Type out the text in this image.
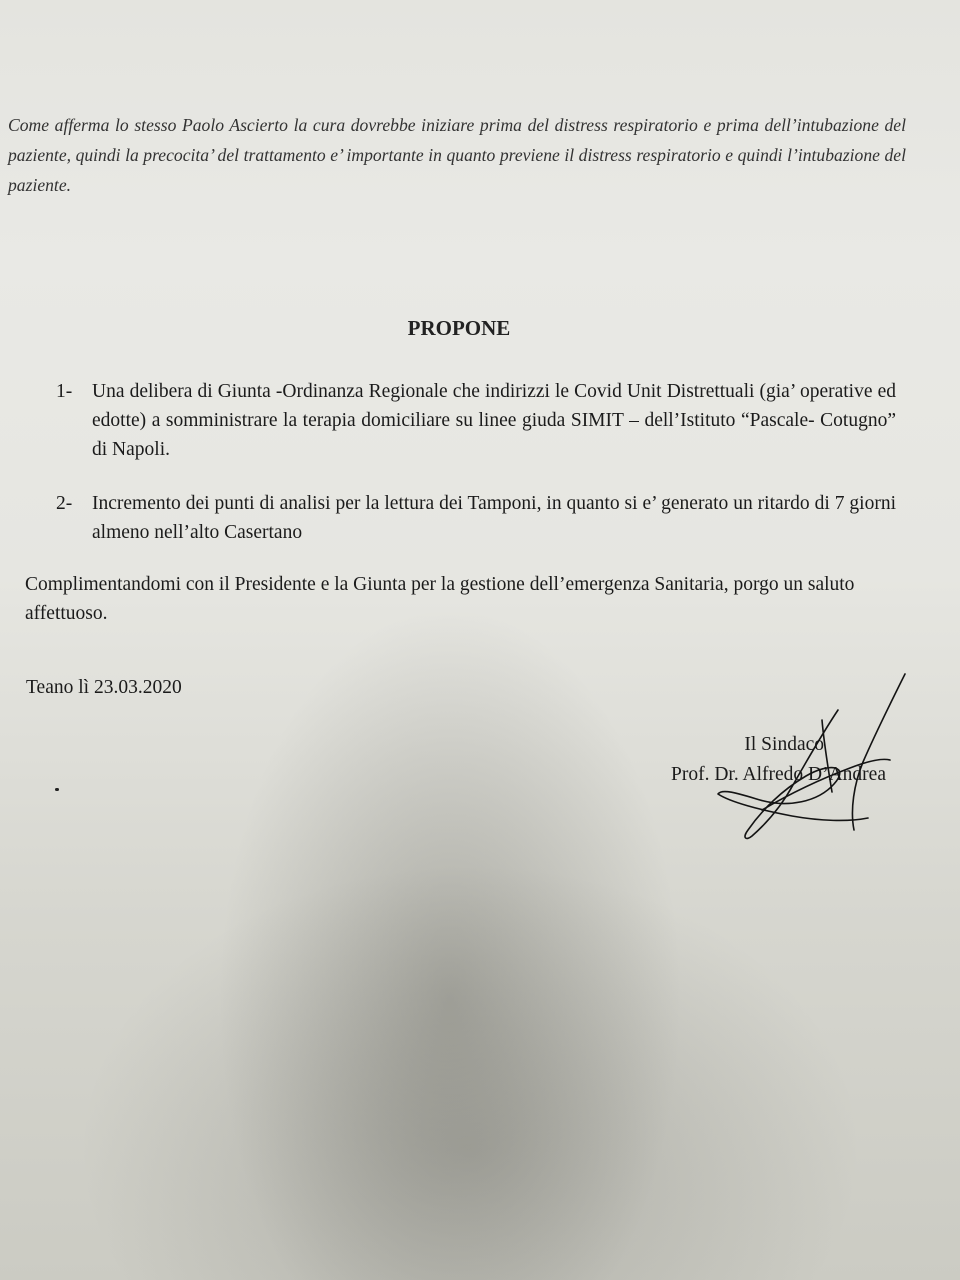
Come afferma lo stesso Paolo Ascierto la cura dovrebbe iniziare prima del distress respiratorio e prima dell’intubazione del paziente, quindi la precocita’ del trattamento e’ importante in quanto previene il distress respiratorio e quindi l’intubazione del paziente.

PROPONE
1- Una delibera di Giunta -Ordinanza Regionale che indirizzi le Covid Unit Distrettuali (gia’ operative ed edotte) a somministrare la terapia domiciliare su linee giuda SIMIT – dell’Istituto “Pascale- Cotugno” di Napoli.
2- Incremento dei punti di analisi per la lettura dei Tamponi, in quanto si e’ generato un ritardo di 7 giorni almeno nell’alto Casertano

Complimentandomi con il Presidente e la Giunta per la gestione dell’emergenza Sanitaria, porgo un saluto affettuoso.

Teano lì 23.03.2020

Il Sindaco

Prof. Dr. Alfredo D’Andrea
